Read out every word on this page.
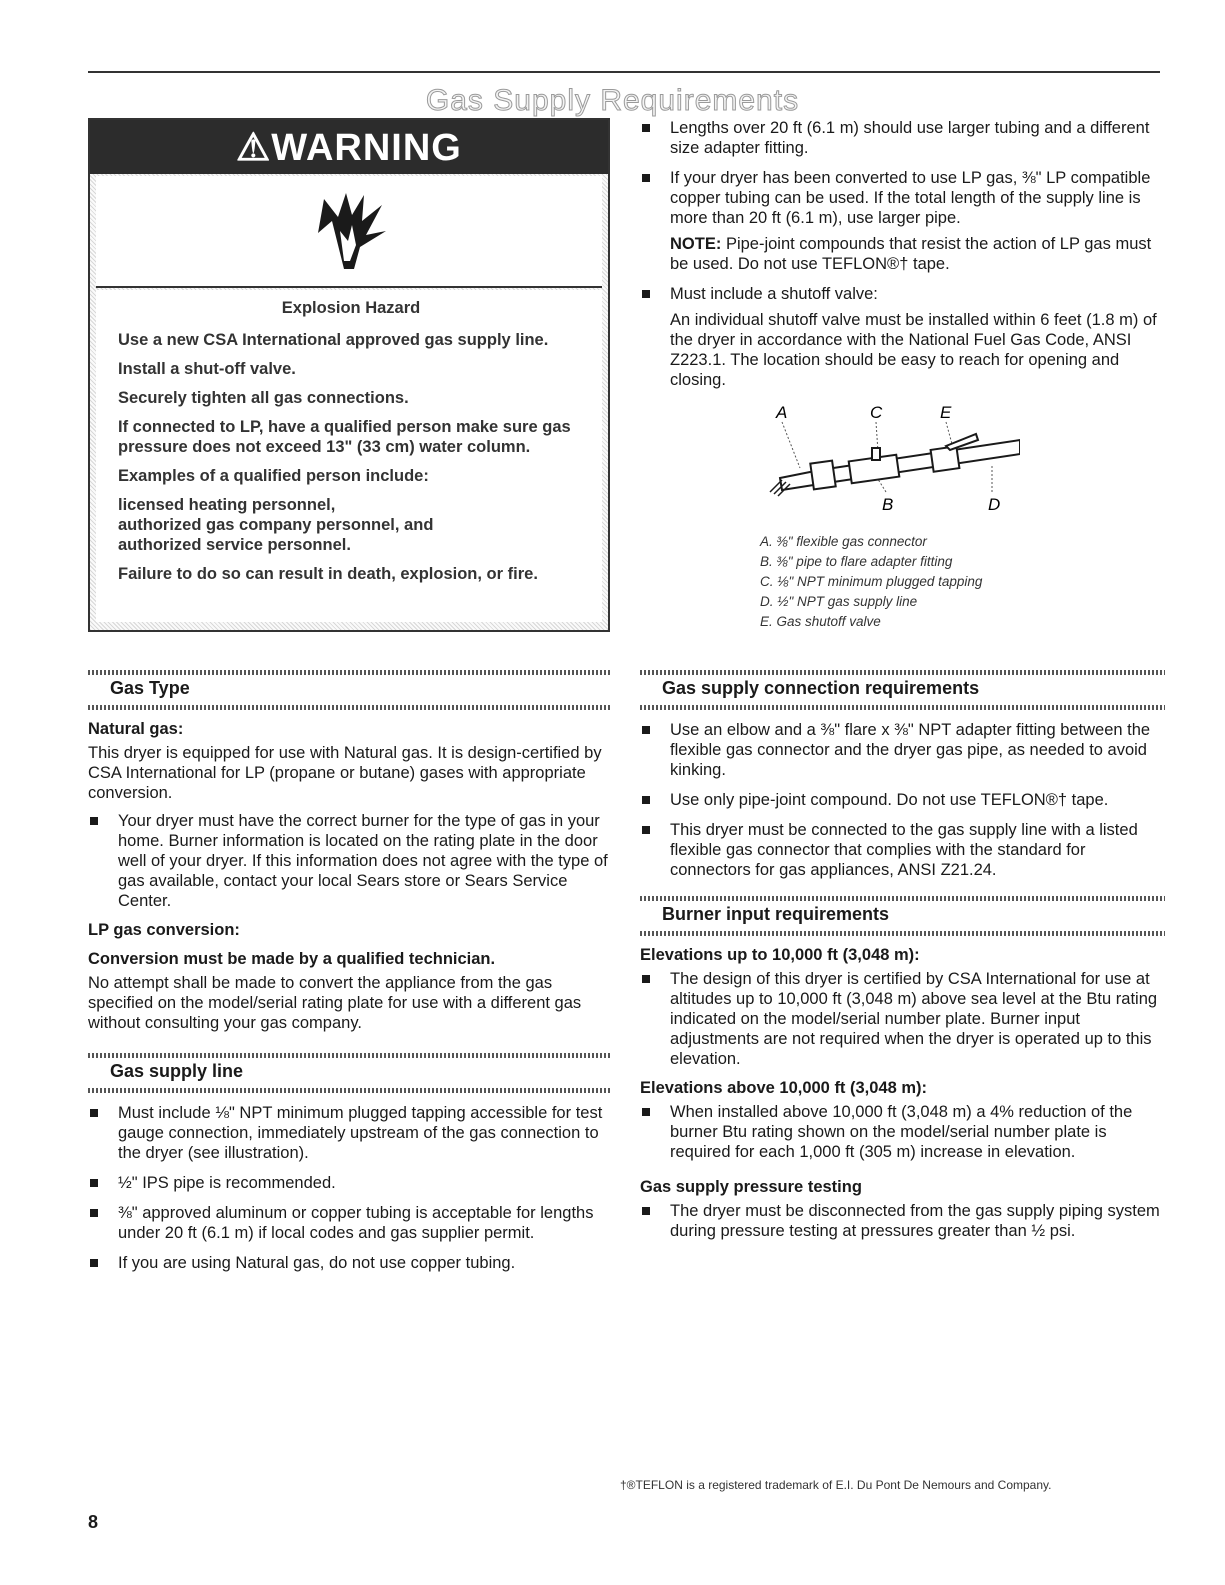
Gas Supply Requirements
⚠WARNING

Explosion Hazard

Use a new CSA International approved gas supply line.

Install a shut-off valve.

Securely tighten all gas connections.

If connected to LP, have a qualified person make sure gas pressure does not exceed 13" (33 cm) water column.

Examples of a qualified person include:

licensed heating personnel,

authorized gas company personnel, and

authorized service personnel.

Failure to do so can result in death, explosion, or fire.

Gas Type
Natural gas:

This dryer is equipped for use with Natural gas. It is design-certified by CSA International for LP (propane or butane) gases with appropriate conversion.

Your dryer must have the correct burner for the type of gas in your home. Burner information is located on the rating plate in the door well of your dryer. If this information does not agree with the type of gas available, contact your local Sears store or Sears Service Center.
LP gas conversion:
Conversion must be made by a qualified technician.

No attempt shall be made to convert the appliance from the gas specified on the model/serial rating plate for use with a different gas without consulting your gas company.

Gas supply line
Must include ⅛" NPT minimum plugged tapping accessible for test gauge connection, immediately upstream of the gas connection to the dryer (see illustration).
½" IPS pipe is recommended.
⅜" approved aluminum or copper tubing is acceptable for lengths under 20 ft (6.1 m) if local codes and gas supplier permit.
If you are using Natural gas, do not use copper tubing.
Lengths over 20 ft (6.1 m) should use larger tubing and a different size adapter fitting.
If your dryer has been converted to use LP gas, ⅜" LP compatible copper tubing can be used. If the total length of the supply line is more than 20 ft (6.1 m), use larger pipe.
NOTE: Pipe-joint compounds that resist the action of LP gas must be used. Do not use TEFLON®† tape.
Must include a shutoff valve:
An individual shutoff valve must be installed within 6 feet (1.8 m) of the dryer in accordance with the National Fuel Gas Code, ANSI Z223.1. The location should be easy to reach for opening and closing.
A	C	E
B	D
A. ⅜" flexible gas connector
B. ⅜" pipe to flare adapter fitting
C. ⅛" NPT minimum plugged tapping
D. ½" NPT gas supply line
E. Gas shutoff valve
Gas supply connection requirements
Use an elbow and a ⅜" flare x ⅜" NPT adapter fitting between the flexible gas connector and the dryer gas pipe, as needed to avoid kinking.
Use only pipe-joint compound. Do not use TEFLON®† tape.
This dryer must be connected to the gas supply line with a listed flexible gas connector that complies with the standard for connectors for gas appliances, ANSI Z21.24.
Burner input requirements
Elevations up to 10,000 ft (3,048 m):
The design of this dryer is certified by CSA International for use at altitudes up to 10,000 ft (3,048 m) above sea level at the Btu rating indicated on the model/serial number plate. Burner input adjustments are not required when the dryer is operated up to this elevation.
Elevations above 10,000 ft (3,048 m):
When installed above 10,000 ft (3,048 m) a 4% reduction of the burner Btu rating shown on the model/serial number plate is required for each 1,000 ft (305 m) increase in elevation.
Gas supply pressure testing
The dryer must be disconnected from the gas supply piping system during pressure testing at pressures greater than ½ psi.
†®TEFLON is a registered trademark of E.I. Du Pont De Nemours and Company.
8
